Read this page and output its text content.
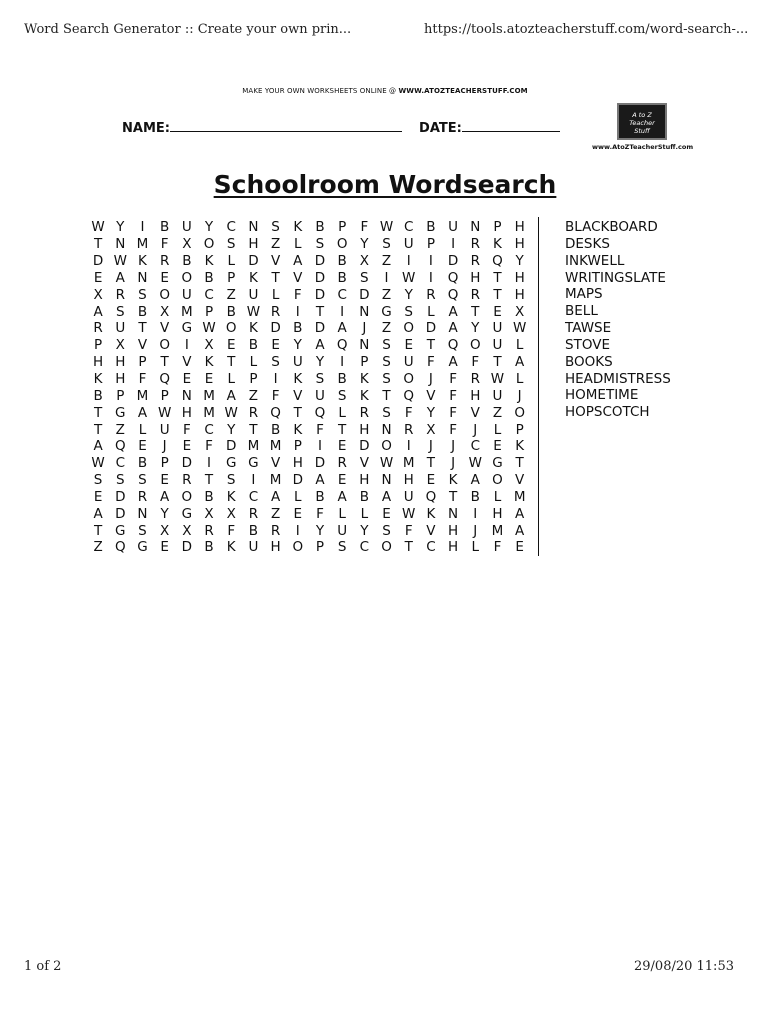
Word Search Generator :: Create your own prin...	https://tools.atozteacherstuff.com/word-search-...
MAKE YOUR OWN WORKSHEETS ONLINE @ WWW.ATOZTEACHERSTUFF.COM
NAME:	DATE:
A to Z
Teacher
Stuff
www.AtoZTeacherStuff.com
Schoolroom Wordsearch
W Y	I	B U Y C N S K B P	F W C B U N P H
T N M F	X O S H Z	L	S O Y	S U P	I	R K H
D W K R B K	L D V A D B X Z	I	I	D R Q Y
E A N E O B P	K	T V D B S	I	W	I	Q H T H
X R S O U C Z U L	F D C D Z Y R Q R T H
A S B X M P B W R	I	T	I	N G S	L	A T	E X
R U T V G W O K D B D A	J	Z O D A Y U W
P X V O	I	X E B E	Y A Q N S	E	T Q O U L
H H P	T V K	T	L	S U Y	I	P	S U F	A	F	T A
K H F Q E	E	L	P	I	K S B K S O	J	F	R W L
B P M P N M A Z	F	V U S K	T Q V	F H U	J
T G A W H M W R Q T Q L	R S	F	Y	F	V Z O
T Z	L U F	C Y	T B K	F	T H N R X	F	J	L	P
A Q E	J	E	F D M M P	I	E D O	I	J	J	C E K
W C B P D	I	G G V H D R V W M T	J	W G T
S	S	S	E R T	S	I	M D A E H N H E K A O V
E D R A O B K C A	L	B A B A U Q T B	L M
A D N Y G X X R Z E	F	L	L	E W K N	I	H A
T G S X X R	F	B R	I	Y U Y	S	F	V H	J	M A
Z Q G E D B K U H O P	S C O T C H L	F	E
BLACKBOARD
DESKS
INKWELL
WRITINGSLATE
MAPS
BELL
TAWSE
STOVE
BOOKS
HEADMISTRESS
HOMETIME
HOPSCOTCH
1 of 2	29/08/20 11:53
